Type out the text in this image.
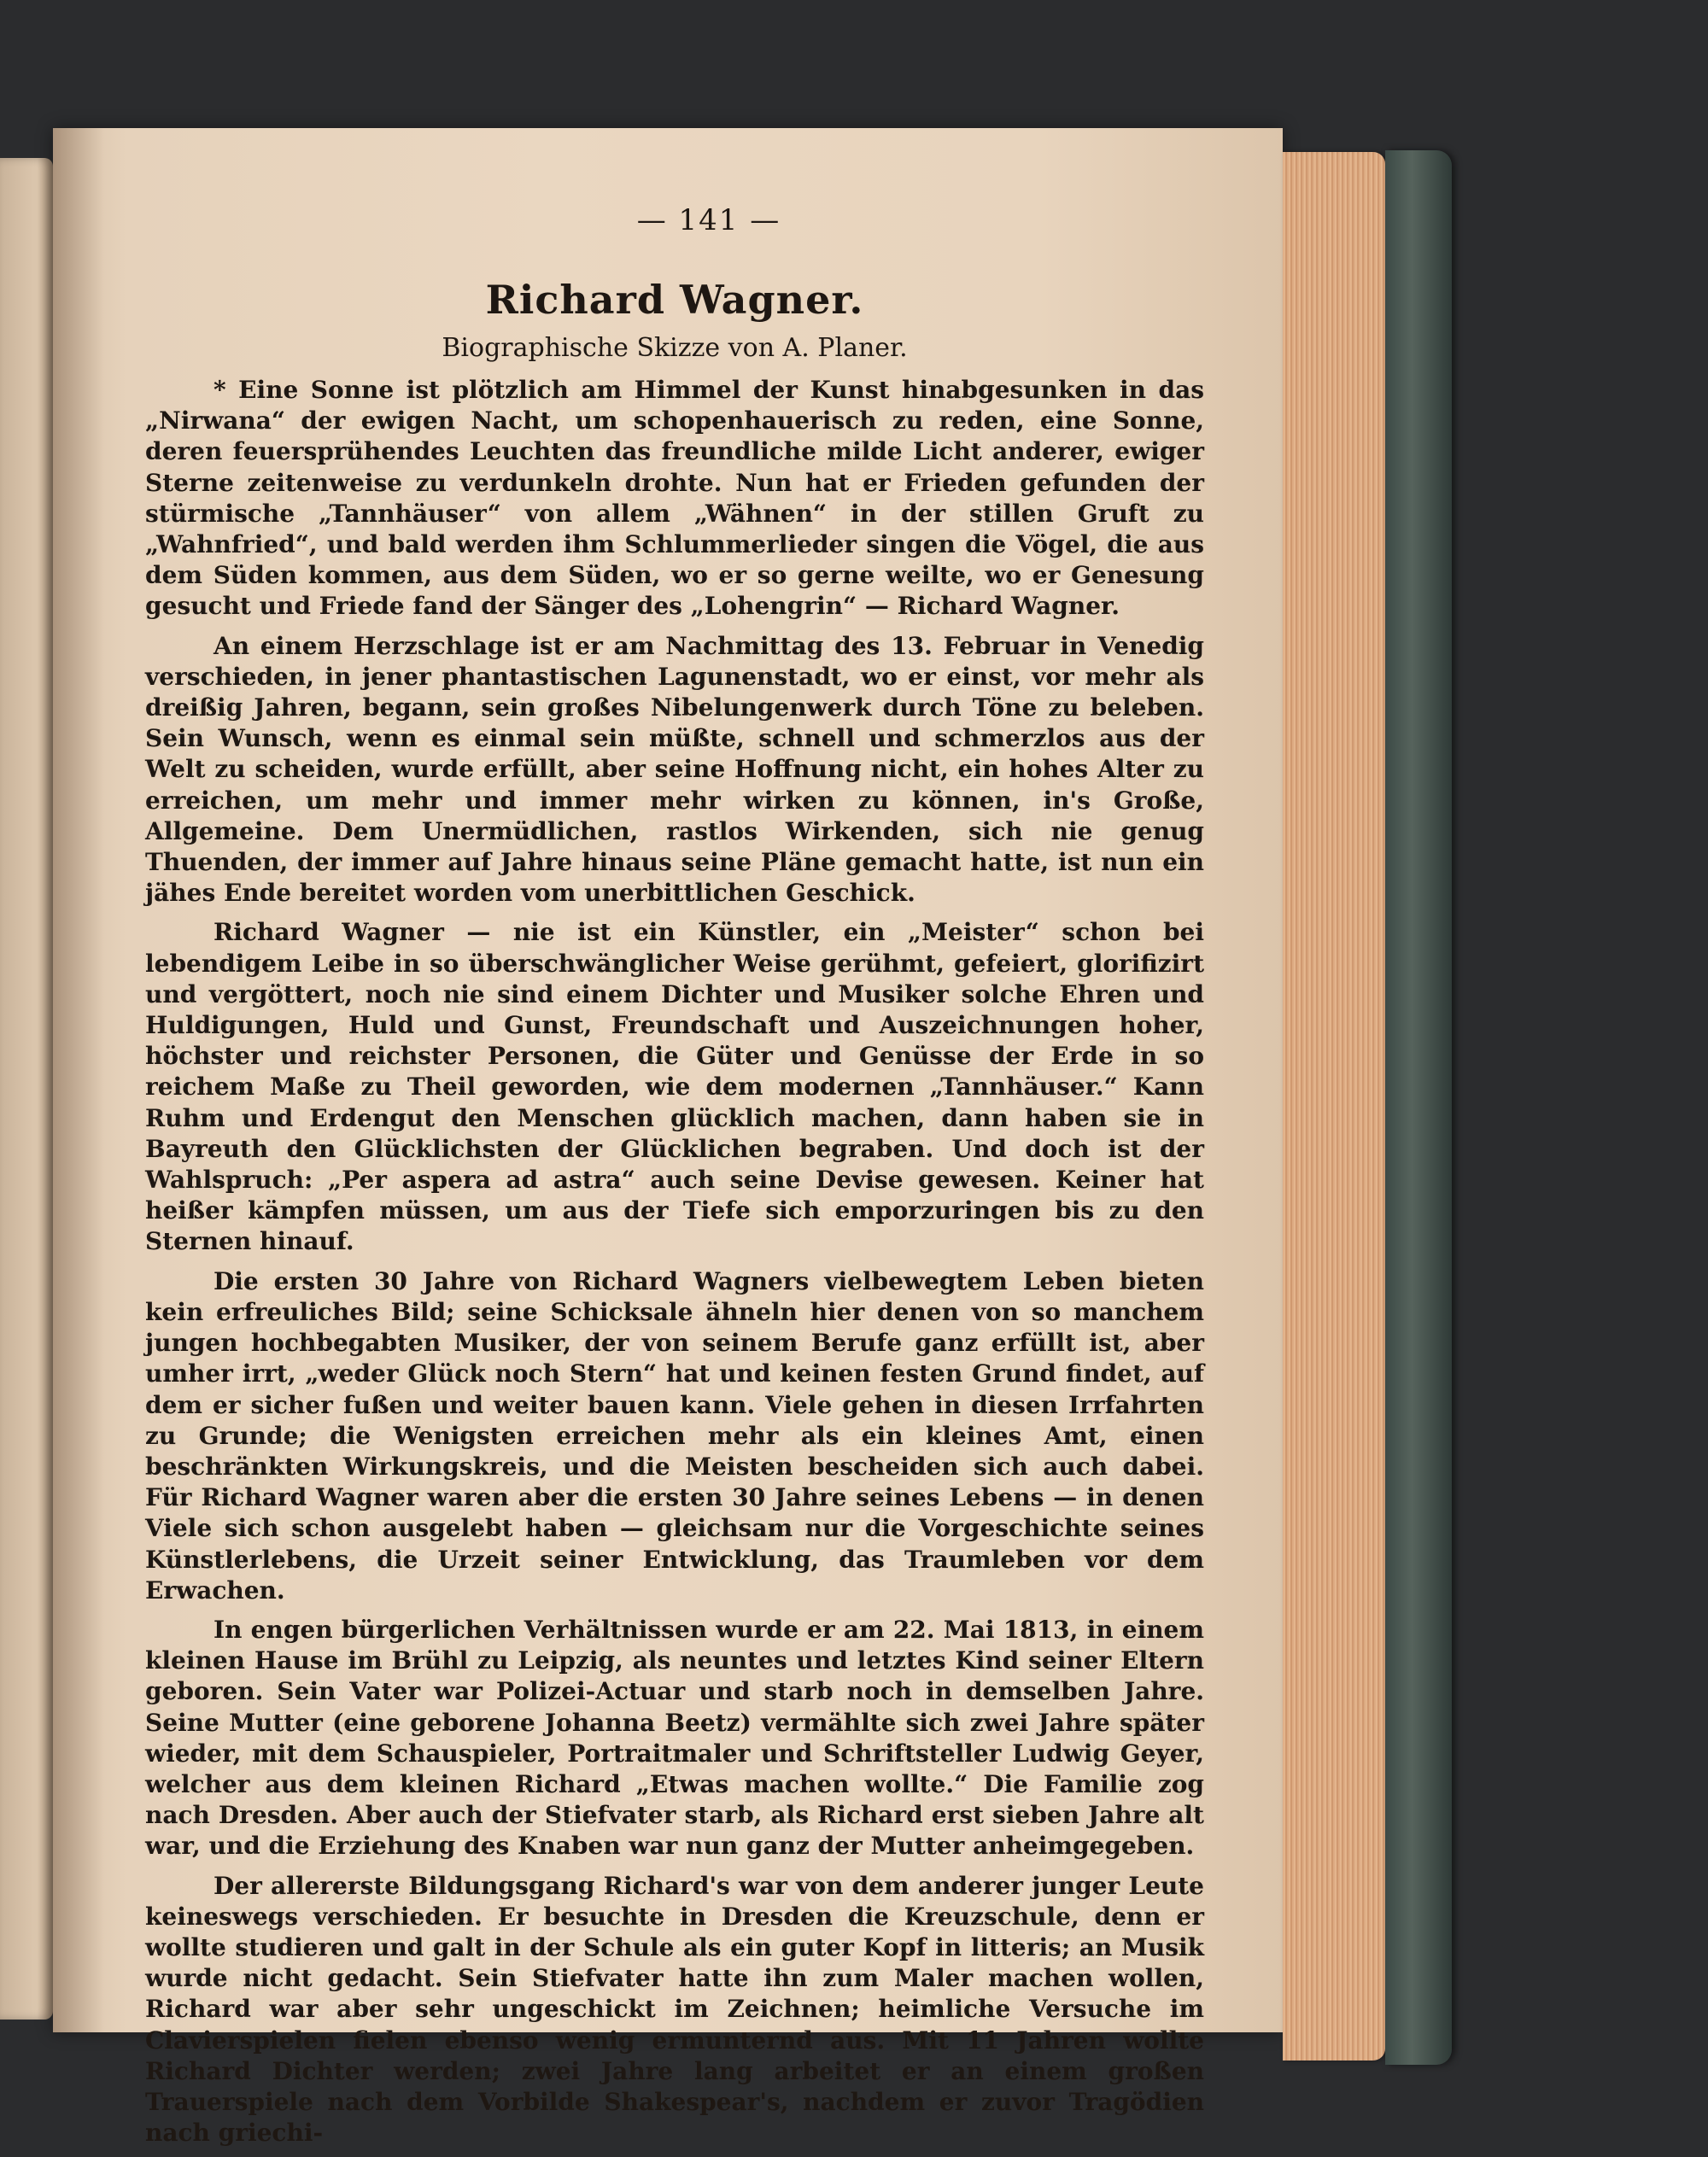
— 141 —
Richard Wagner.
Biographische Skizze von A. Planer.

* Eine Sonne ist plötzlich am Himmel der Kunst hinabgesunken in das „Nirwana“ der ewigen Nacht, um schopenhauerisch zu reden, eine Sonne, deren feuersprühendes Leuchten das freundliche milde Licht anderer, ewiger Sterne zeitenweise zu verdunkeln drohte. Nun hat er Frieden gefunden der stürmische „Tannhäuser“ von allem „Wähnen“ in der stillen Gruft zu „Wahnfried“, und bald werden ihm Schlummerlieder singen die Vögel, die aus dem Süden kommen, aus dem Süden, wo er so gerne weilte, wo er Genesung gesucht und Friede fand der Sänger des „Lohengrin“ — Richard Wagner.

An einem Herzschlage ist er am Nachmittag des 13. Februar in Venedig verschieden, in jener phantastischen Lagunenstadt, wo er einst, vor mehr als dreißig Jahren, begann, sein großes Nibelungenwerk durch Töne zu beleben. Sein Wunsch, wenn es einmal sein müßte, schnell und schmerzlos aus der Welt zu scheiden, wurde erfüllt, aber seine Hoffnung nicht, ein hohes Alter zu erreichen, um mehr und immer mehr wirken zu können, in's Große, Allgemeine. Dem Unermüdlichen, rastlos Wirkenden, sich nie genug Thuenden, der immer auf Jahre hinaus seine Pläne gemacht hatte, ist nun ein jähes Ende bereitet worden vom unerbittlichen Geschick.

Richard Wagner — nie ist ein Künstler, ein „Meister“ schon bei lebendigem Leibe in so überschwänglicher Weise gerühmt, gefeiert, glorifizirt und vergöttert, noch nie sind einem Dichter und Musiker solche Ehren und Huldigungen, Huld und Gunst, Freundschaft und Auszeichnungen hoher, höchster und reichster Personen, die Güter und Genüsse der Erde in so reichem Maße zu Theil geworden, wie dem modernen „Tannhäuser.“ Kann Ruhm und Erdengut den Menschen glücklich machen, dann haben sie in Bayreuth den Glücklichsten der Glücklichen begraben. Und doch ist der Wahlspruch: „Per aspera ad astra“ auch seine Devise gewesen. Keiner hat heißer kämpfen müssen, um aus der Tiefe sich emporzuringen bis zu den Sternen hinauf.

Die ersten 30 Jahre von Richard Wagners vielbewegtem Leben bieten kein erfreuliches Bild; seine Schicksale ähneln hier denen von so manchem jungen hochbegabten Musiker, der von seinem Berufe ganz erfüllt ist, aber umher irrt, „weder Glück noch Stern“ hat und keinen festen Grund findet, auf dem er sicher fußen und weiter bauen kann. Viele gehen in diesen Irrfahrten zu Grunde; die Wenigsten erreichen mehr als ein kleines Amt, einen beschränkten Wirkungskreis, und die Meisten bescheiden sich auch dabei. Für Richard Wagner waren aber die ersten 30 Jahre seines Lebens — in denen Viele sich schon ausgelebt haben — gleichsam nur die Vorgeschichte seines Künstlerlebens, die Urzeit seiner Entwicklung, das Traumleben vor dem Erwachen.

In engen bürgerlichen Verhältnissen wurde er am 22. Mai 1813, in einem kleinen Hause im Brühl zu Leipzig, als neuntes und letztes Kind seiner Eltern geboren. Sein Vater war Polizei-Actuar und starb noch in demselben Jahre. Seine Mutter (eine geborene Johanna Beetz) vermählte sich zwei Jahre später wieder, mit dem Schauspieler, Portraitmaler und Schriftsteller Ludwig Geyer, welcher aus dem kleinen Richard „Etwas machen wollte.“ Die Familie zog nach Dresden. Aber auch der Stiefvater starb, als Richard erst sieben Jahre alt war, und die Erziehung des Knaben war nun ganz der Mutter anheimgegeben.

Der allererste Bildungsgang Richard's war von dem anderer junger Leute keineswegs verschieden. Er besuchte in Dresden die Kreuzschule, denn er wollte studieren und galt in der Schule als ein guter Kopf in litteris; an Musik wurde nicht gedacht. Sein Stiefvater hatte ihn zum Maler machen wollen, Richard war aber sehr ungeschickt im Zeichnen; heimliche Versuche im Clavierspielen fielen ebenso wenig ermunternd aus. Mit 11 Jahren wollte Richard Dichter werden; zwei Jahre lang arbeitet er an einem großen Trauerspiele nach dem Vorbilde Shakespear's, nachdem er zuvor Tragödien nach griechi-
